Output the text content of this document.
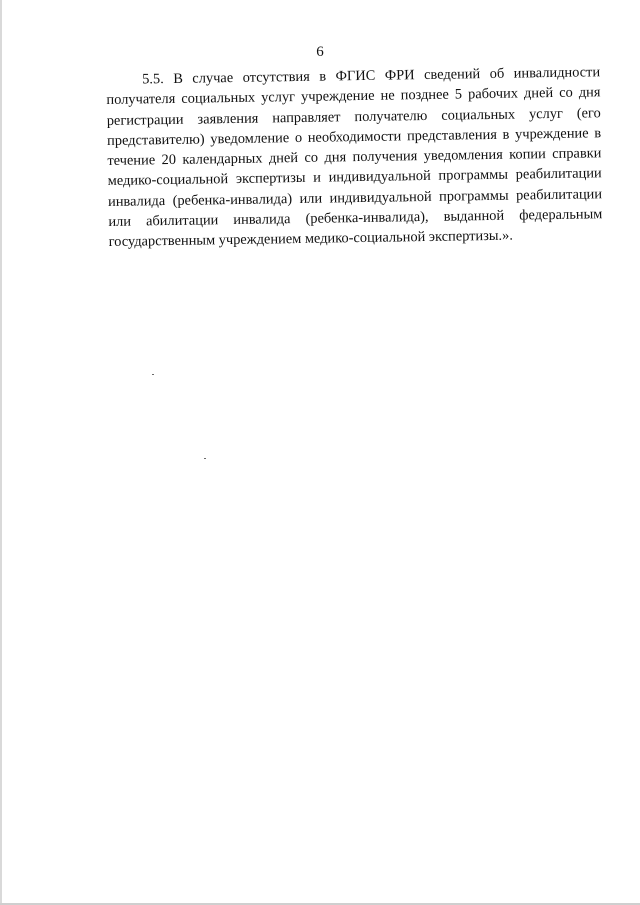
6
5.5. В случае отсутствия в ФГИС ФРИ сведений об инвалидности
получателя социальных услуг учреждение не позднее 5 рабочих дней со дня
регистрации заявления направляет получателю социальных услуг (его
представителю) уведомление о необходимости представления в учреждение в
течение 20 календарных дней со дня получения уведомления копии справки
медико-социальной экспертизы и индивидуальной программы реабилитации
инвалида (ребенка-инвалида) или индивидуальной программы реабилитации
или абилитации инвалида (ребенка-инвалида), выданной федеральным
государственным учреждением медико-социальной экспертизы.».
